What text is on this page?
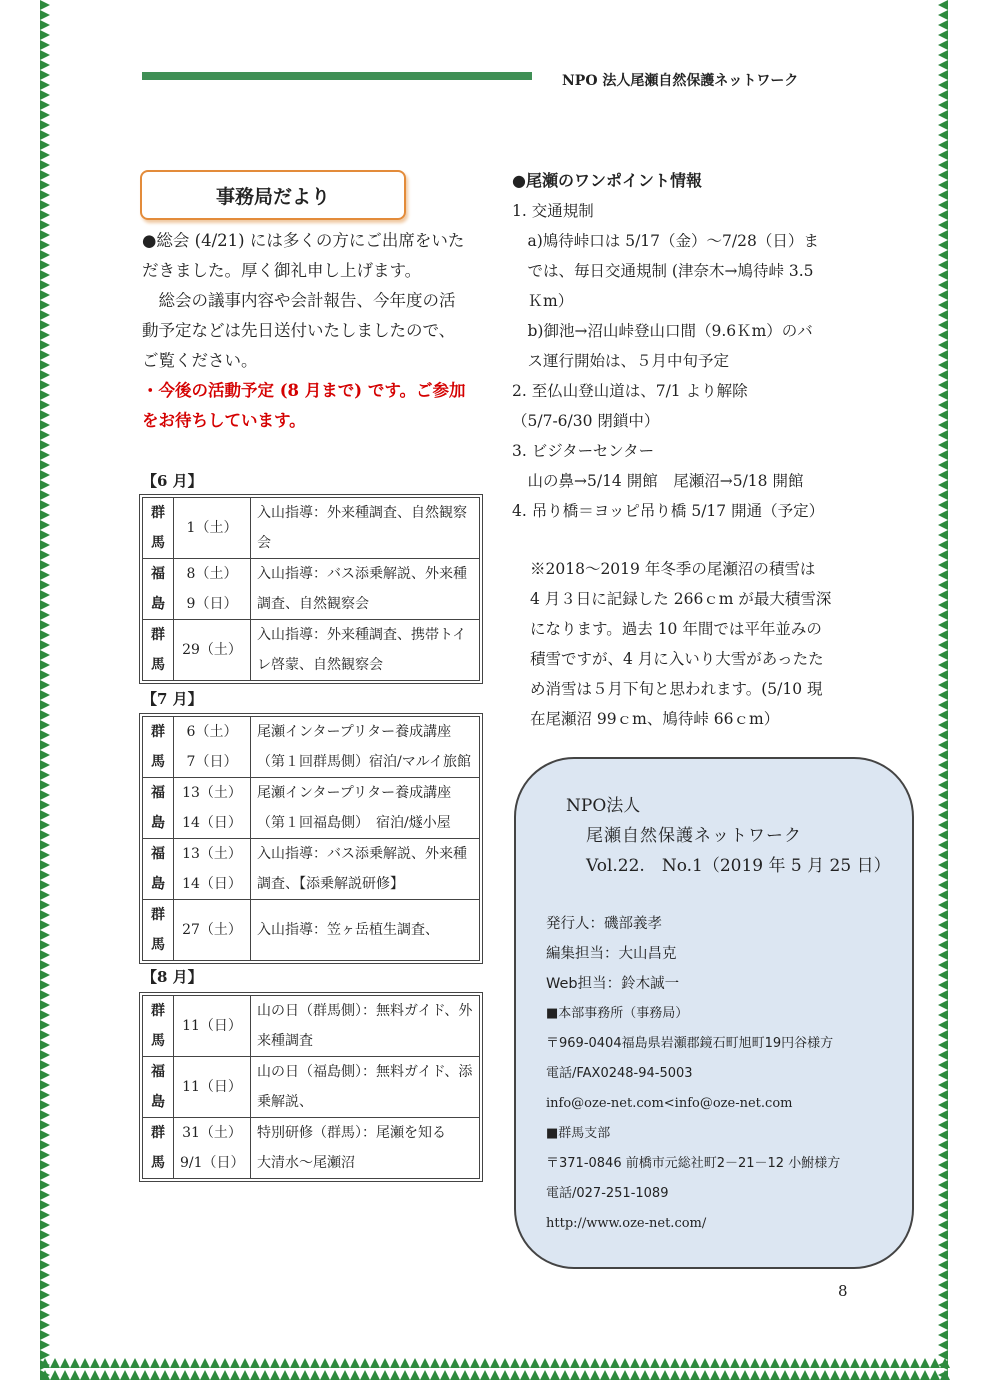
NPO 法人尾瀬自然保護ネットワーク
事務局だより
●総会 (4/21) には多くの方にご出席をいた
だきました。厚く御礼申し上げます。
　総会の議事内容や会計報告、今年度の活
動予定などは先日送付いたしましたので、
ご覧ください。
・今後の活動予定 (8 月まで) です。ご参加
をお待ちしています。
【6 月】
群
馬	1（土）	入山指導：外来種調査、自然観察会
福
島	8（土）
9（日）	入山指導：バス添乗解説、外来種調査、自然観察会
群
馬	29（土）	入山指導：外来種調査、携帯トイレ啓蒙、自然観察会
【7 月】
群
馬	6（土）
7（日）	尾瀬インタープリター養成講座
（第１回群馬側）宿泊/マルイ旅館
福
島	13（土）
14（日）	尾瀬インタープリター養成講座
（第１回福島側）　宿泊/燧小屋
福
島	13（土）
14（日）	入山指導：バス添乗解説、外来種調査、【添乗解説研修】
群
馬	27（土）	入山指導：笠ヶ岳植生調査、
【8 月】
群
馬	11（日）	山の日（群馬側）：無料ガイド、外来種調査
福
島	11（日）	山の日（福島側）：無料ガイド、添乗解説、
群
馬	31（土）
9/1（日）	特別研修（群馬）：尾瀬を知る
大清水～尾瀬沼
●尾瀬のワンポイント情報
1. 交通規制
　a)鳩待峠口は 5/17（金）～7/28（日）ま
　では、毎日交通規制 (津奈木→鳩待峠 3.5
　Ｋm）
　b)御池→沼山峠登山口間（9.6Ｋm）のバ
　ス運行開始は、５月中旬予定
2. 至仏山登山道は、7/1 より解除
（5/7-6/30 閉鎖中）
3. ビジターセンター
　山の鼻→5/14 開館　尾瀬沼→5/18 開館
4. 吊り橋＝ヨッピ吊り橋 5/17 開通（予定）
※2018～2019 年冬季の尾瀬沼の積雪は
4 月３日に記録した 266ｃm が最大積雪深
になります。過去 10 年間では平年並みの
積雪ですが、4 月に入いり大雪があったた
め消雪は５月下旬と思われます。(5/10 現
在尾瀬沼 99ｃm、鳩待峠 66ｃm）
NPO法人
尾瀬自然保護ネットワーク
Vol.22.　No.1（2019 年 5 月 25 日）
発行人：磯部義孝
編集担当：大山昌克
Web担当：鈴木誠一
■本部事務所（事務局）
〒969-0404福島県岩瀬郡鏡石町旭町19円谷様方
電話/FAX0248-94-5003
info@oze-net.com<info@oze-net.com
■群馬支部
〒371-0846 前橋市元総社町2－21－12 小鮒様方
電話/027-251-1089
http://www.oze-net.com/
8
